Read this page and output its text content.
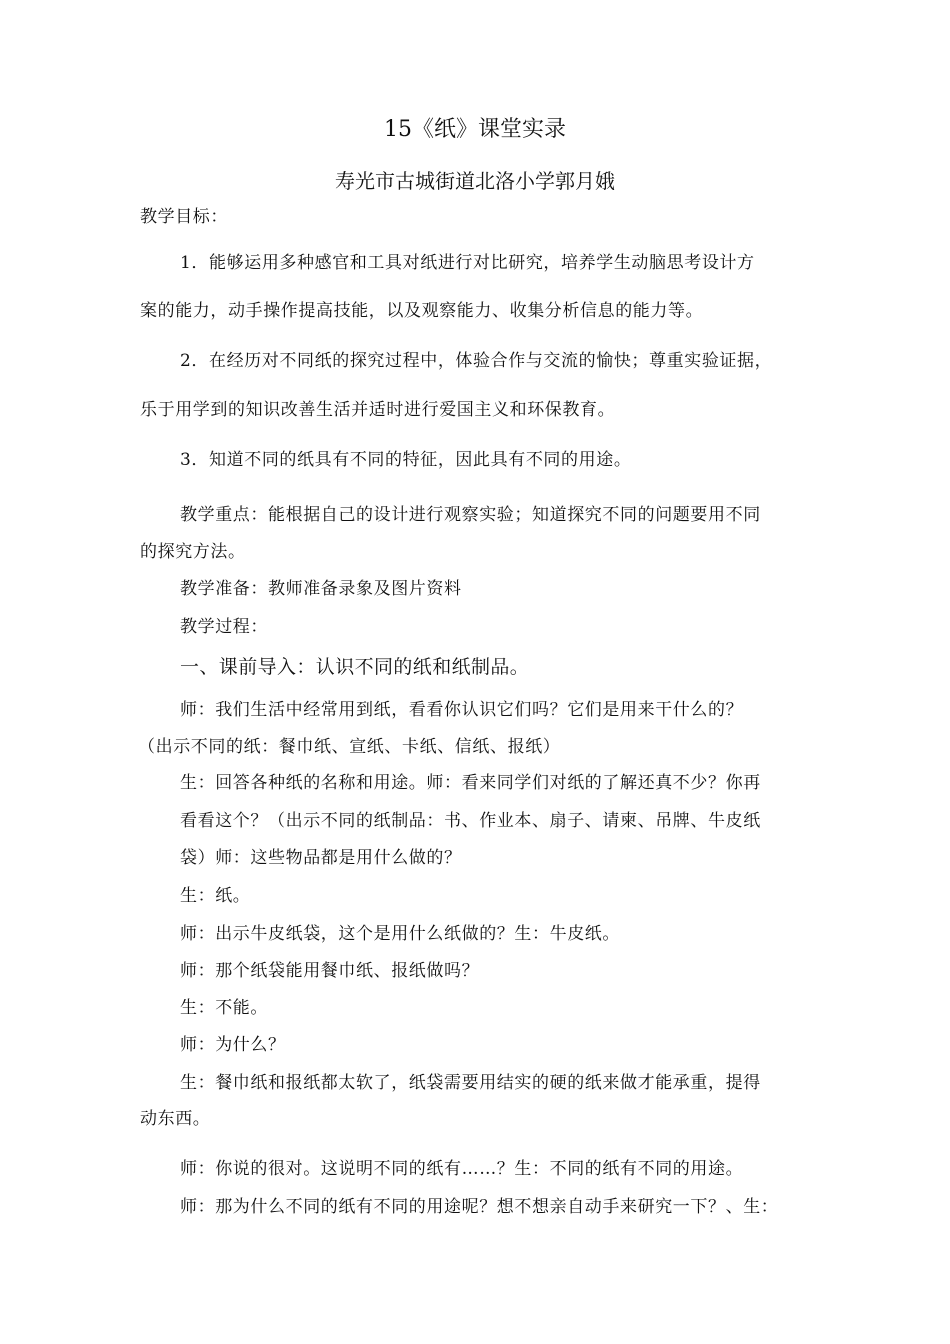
15《纸》课堂实录
寿光市古城街道北洛小学郭月娥
教学目标：
1．能够运用多种感官和工具对纸进行对比研究，培养学生动脑思考设计方
案的能力，动手操作提高技能，以及观察能力、收集分析信息的能力等。
2．在经历对不同纸的探究过程中，体验合作与交流的愉快；尊重实验证据，
乐于用学到的知识改善生活并适时进行爱国主义和环保教育。
3．知道不同的纸具有不同的特征，因此具有不同的用途。
教学重点：能根据自己的设计进行观察实验；知道探究不同的问题要用不同
的探究方法。
教学准备：教师准备录象及图片资料
教学过程：
一、课前导入：认识不同的纸和纸制品。
师：我们生活中经常用到纸，看看你认识它们吗？它们是用来干什么的？
（出示不同的纸：餐巾纸、宣纸、卡纸、信纸、报纸）
生：回答各种纸的名称和用途。师：看来同学们对纸的了解还真不少？你再
看看这个？（出示不同的纸制品：书、作业本、扇子、请柬、吊牌、牛皮纸
袋）师：这些物品都是用什么做的？
生：纸。
师：出示牛皮纸袋，这个是用什么纸做的？生：牛皮纸。
师：那个纸袋能用餐巾纸、报纸做吗？
生：不能。
师：为什么？
生：餐巾纸和报纸都太软了，纸袋需要用结实的硬的纸来做才能承重，提得
动东西。
师：你说的很对。这说明不同的纸有……？生：不同的纸有不同的用途。
师：那为什么不同的纸有不同的用途呢？想不想亲自动手来研究一下？、生：
